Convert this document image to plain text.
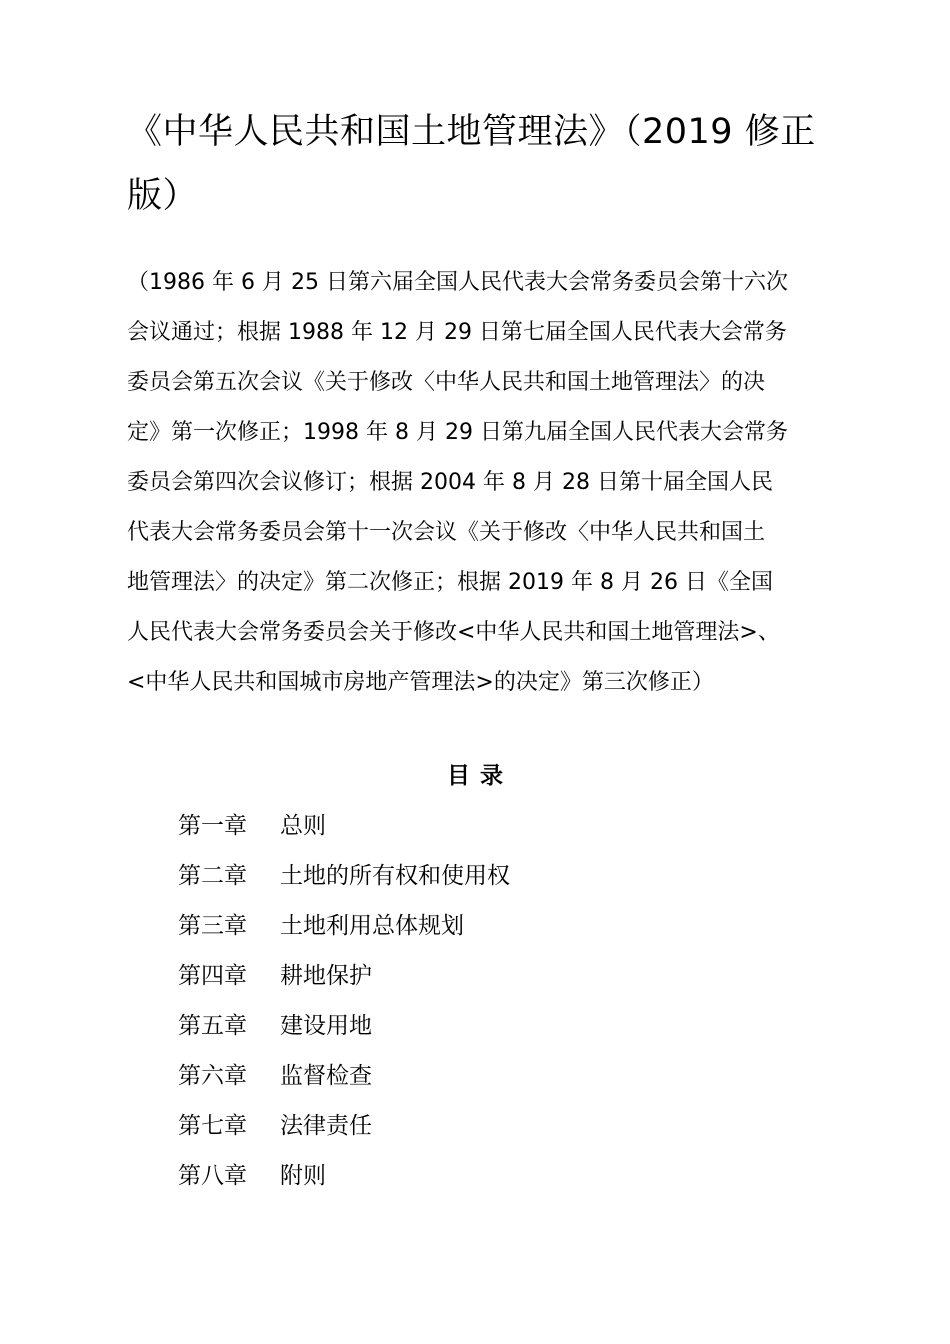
《中华人民共和国土地管理法》（2019 修正
版）

（1986 年 6 月 25 日第六届全国人民代表大会常务委员会第十六次
会议通过；根据 1988 年 12 月 29 日第七届全国人民代表大会常务
委员会第五次会议《关于修改〈中华人民共和国土地管理法〉的决
定》第一次修正；1998 年 8 月 29 日第九届全国人民代表大会常务
委员会第四次会议修订；根据 2004 年 8 月 28 日第十届全国人民
代表大会常务委员会第十一次会议《关于修改〈中华人民共和国土
地管理法〉的决定》第二次修正；根据 2019 年 8 月 26 日《全国
人民代表大会常务委员会关于修改<中华人民共和国土地管理法>、
<中华人民共和国城市房地产管理法>的决定》第三次修正）

目录
第一章 总则
第二章 土地的所有权和使用权
第三章 土地利用总体规划
第四章 耕地保护
第五章 建设用地
第六章 监督检查
第七章 法律责任
第八章 附则
